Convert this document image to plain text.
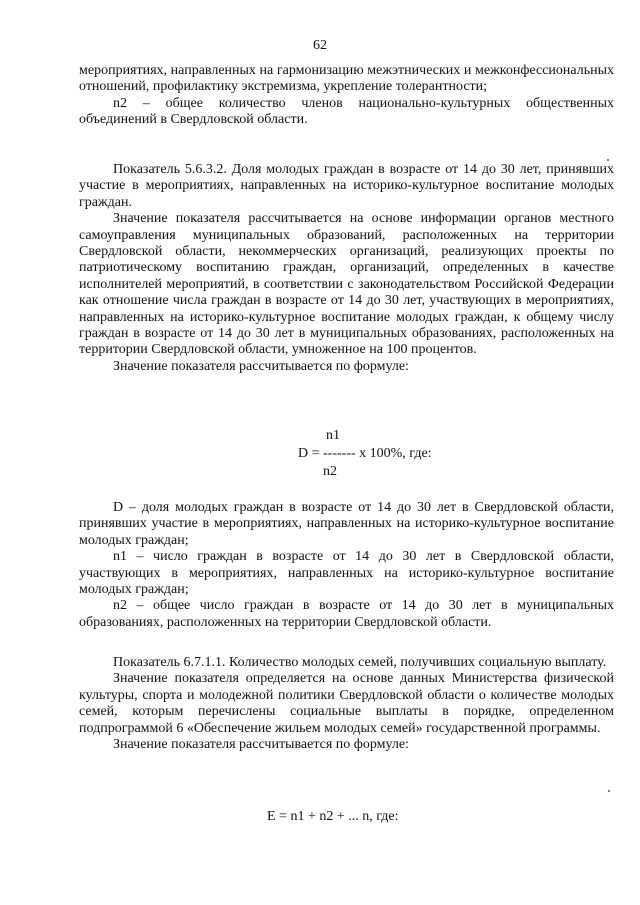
62

мероприятиях, направленных на гармонизацию межэтнических и межконфессиональных отношений, профилактику экстремизма, укрепление толерантности;

n2 – общее количество членов национально-культурных общественных объединений в Свердловской области.

Показатель 5.6.3.2. Доля молодых граждан в возрасте от 14 до 30 лет, принявших участие в мероприятиях, направленных на историко-культурное воспитание молодых граждан.

Значение показателя рассчитывается на основе информации органов местного самоуправления муниципальных образований, расположенных на территории Свердловской области, некоммерческих организаций, реализующих проекты по патриотическому воспитанию граждан, организаций, определенных в качестве исполнителей мероприятий, в соответствии с законодательством Российской Федерации как отношение числа граждан в возрасте от 14 до 30 лет, участвующих в мероприятиях, направленных на историко-культурное воспитание молодых граждан, к общему числу граждан в возрасте от 14 до 30 лет в муниципальных образованиях, расположенных на территории Свердловской области, умноженное на 100 процентов.

Значение показателя рассчитывается по формуле:

n1
D = ------- x 100%, где:
n2

D – доля молодых граждан в возрасте от 14 до 30 лет в Свердловской области, принявших участие в мероприятиях, направленных на историко-культурное воспитание молодых граждан;

n1 – число граждан в возрасте от 14 до 30 лет в Свердловской области, участвующих в мероприятиях, направленных на историко-культурное воспитание молодых граждан;

n2 – общее число граждан в возрасте от 14 до 30 лет в муниципальных образованиях, расположенных на территории Свердловской области.

Показатель 6.7.1.1. Количество молодых семей, получивших социальную выплату.

Значение показателя определяется на основе данных Министерства физической культуры, спорта и молодежной политики Свердловской области о количестве молодых семей, которым перечислены социальные выплаты в порядке, определенном подпрограммой 6 «Обеспечение жильем молодых семей» государственной программы.

Значение показателя рассчитывается по формуле:

E = n1 + n2 + ... n, где:
